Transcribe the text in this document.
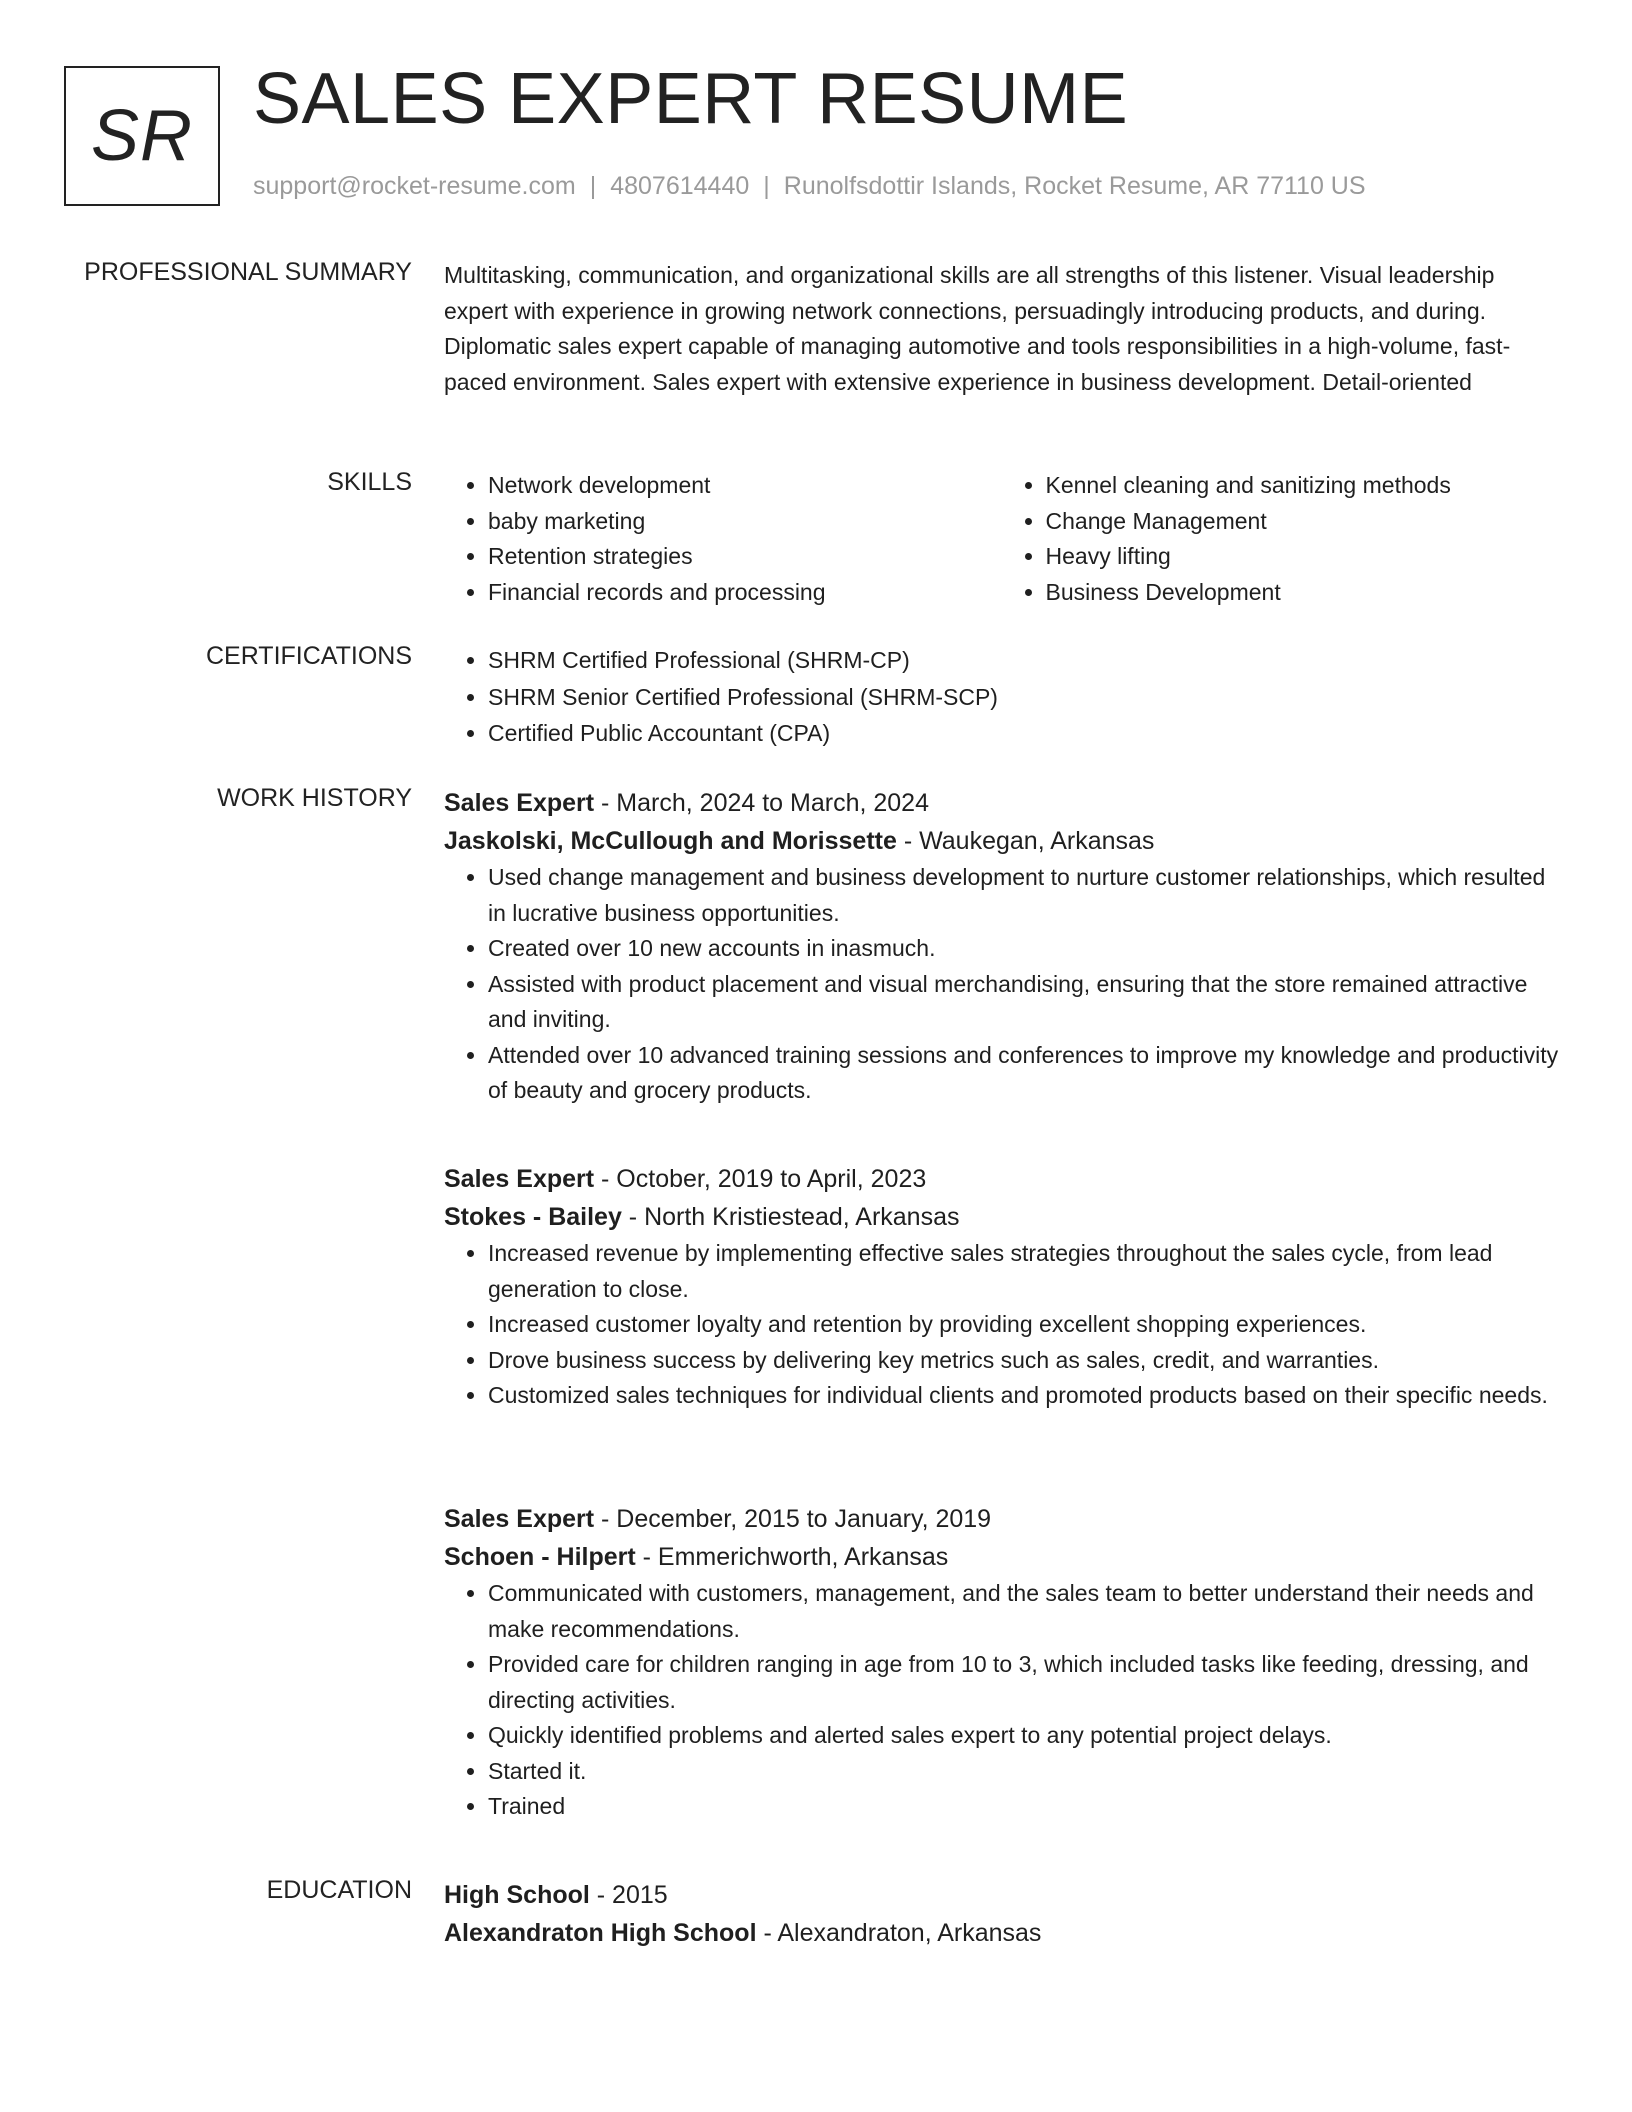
SR SALES EXPERT RESUME
support@rocket-resume.com | 4807614440 | Runolfsdottir Islands, Rocket Resume, AR 77110 US
PROFESSIONAL SUMMARY Multitasking, communication, and organizational skills are all strengths of this listener. Visual leadership expert with experience in growing network connections, persuadingly introducing products, and during. Diplomatic sales expert capable of managing automotive and tools responsibilities in a high-volume, fast-paced environment. Sales expert with extensive experience in business development. Detail-oriented

SKILLS	• Network development
• baby marketing
• Retention strategies
• Financial records and processing
• Kennel cleaning and sanitizing methods
• Change Management
• Heavy lifting
• Business Development
CERTIFICATIONS	• SHRM Certified Professional (SHRM-CP)
• SHRM Senior Certified Professional (SHRM-SCP)
• Certified Public Accountant (CPA)
WORK HISTORY Sales Expert - March, 2024 to March, 2024
Jaskolski, McCullough and Morissette - Waukegan, Arkansas
• Used change management and business development to nurture customer relationships, which resulted in lucrative business opportunities.
• Created over 10 new accounts in inasmuch.
• Assisted with product placement and visual merchandising, ensuring that the store remained attractive and inviting.
• Attended over 10 advanced training sessions and conferences to improve my knowledge and productivity of beauty and grocery products.
Sales Expert - October, 2019 to April, 2023
Stokes - Bailey - North Kristiestead, Arkansas
• Increased revenue by implementing effective sales strategies throughout the sales cycle, from lead generation to close.
• Increased customer loyalty and retention by providing excellent shopping experiences.
• Drove business success by delivering key metrics such as sales, credit, and warranties.
• Customized sales techniques for individual clients and promoted products based on their specific needs.
Sales Expert - December, 2015 to January, 2019
Schoen - Hilpert - Emmerichworth, Arkansas
• Communicated with customers, management, and the sales team to better understand their needs and make recommendations.
• Provided care for children ranging in age from 10 to 3, which included tasks like feeding, dressing, and directing activities.
• Quickly identified problems and alerted sales expert to any potential project delays.
• Started it.
• Trained
EDUCATION High School - 2015
Alexandraton High School - Alexandraton, Arkansas
